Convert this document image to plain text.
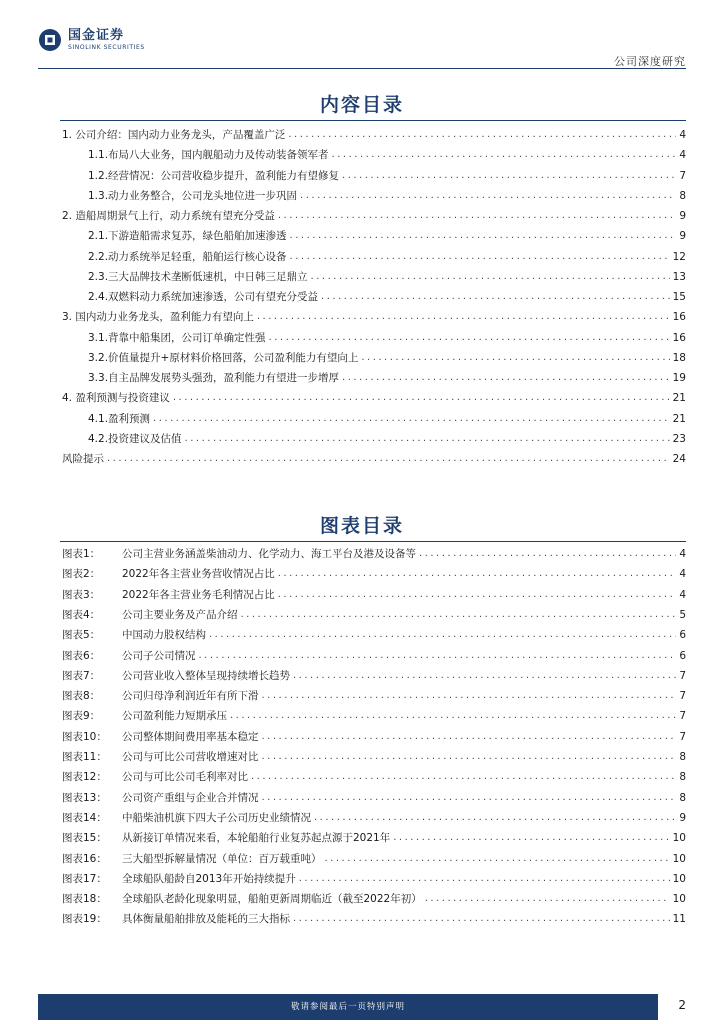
国金证券
SINOLINK SECURITIES
公司深度研究
内容目录
1. 公司介绍：国内动力业务龙头，产品覆盖广泛 .....	4
1.1.布局八大业务，国内舰船动力及传动装备领军者 .....	4
1.2.经营情况：公司营收稳步提升，盈利能力有望修复 .....	7
1.3.动力业务整合，公司龙头地位进一步巩固 .....	8
2. 造船周期景气上行，动力系统有望充分受益 .....	9
2.1.下游造船需求复苏，绿色船舶加速渗透 .....	9
2.2.动力系统举足轻重，船舶运行核心设备 .....	12
2.3.三大品牌技术垄断低速机，中日韩三足鼎立 .....	13
2.4.双燃料动力系统加速渗透，公司有望充分受益 .....	15
3. 国内动力业务龙头，盈利能力有望向上 .....	16
3.1.背靠中船集团，公司订单确定性强 .....	16
3.2.价值量提升+原材料价格回落，公司盈利能力有望向上 .....	18
3.3.自主品牌发展势头强劲，盈利能力有望进一步增厚 .....	19
4. 盈利预测与投资建议 .....	21
4.1.盈利预测 .....	21
4.2.投资建议及估值 .....	23
风险提示 .....	24
图表目录
图表1：	公司主营业务涵盖柴油动力、化学动力、海工平台及港及设备等 .....	4
图表2：	2022年各主营业务营收情况占比 .....	4
图表3：	2022年各主营业务毛利情况占比 .....	4
图表4：	公司主要业务及产品介绍 .....	5
图表5：	中国动力股权结构 .....	6
图表6：	公司子公司情况 .....	6
图表7：	公司营业收入整体呈现持续增长趋势 .....	7
图表8：	公司归母净利润近年有所下滑 .....	7
图表9：	公司盈利能力短期承压 .....	7
图表10：	公司整体期间费用率基本稳定 .....	7
图表11：	公司与可比公司营收增速对比 .....	8
图表12：	公司与可比公司毛利率对比 .....	8
图表13：	公司资产重组与企业合并情况 .....	8
图表14：	中船柴油机旗下四大子公司历史业绩情况 .....	9
图表15：	从新接订单情况来看，本轮船舶行业复苏起点源于2021年 .....	10
图表16：	三大船型拆解量情况（单位：百万载重吨） .....	10
图表17：	全球船队船龄自2013年开始持续提升 .....	10
图表18：	全球船队老龄化现象明显，船舶更新周期临近（截至2022年初） .....	10
图表19：	具体衡量船舶排放及能耗的三大指标 .....	11
敬请参阅最后一页特别声明	2
